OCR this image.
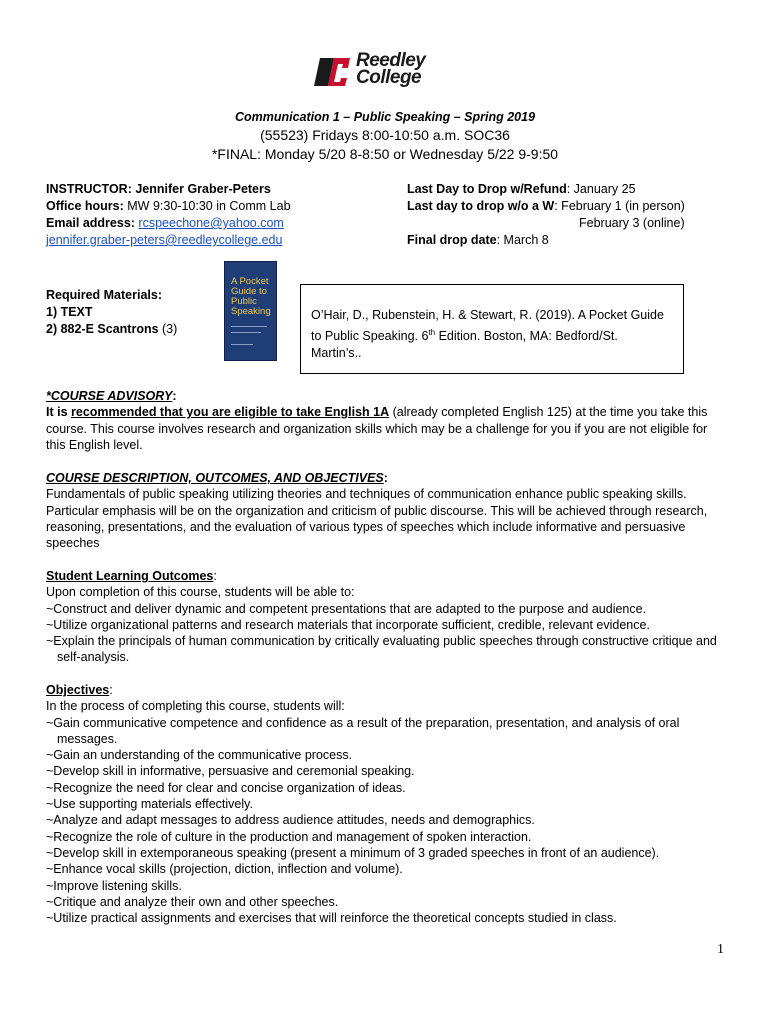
Reedley
College
Communication 1 – Public Speaking – Spring 2019
(55523) Fridays 8:00-10:50 a.m. SOC36
*FINAL: Monday 5/20 8-8:50 or Wednesday 5/22 9-9:50
INSTRUCTOR: Jennifer Graber-Peters
Office hours: MW 9:30-10:30 in Comm Lab
Email address: rcspeechone@yahoo.com
jennifer.graber-peters@reedleycollege.edu
Last Day to Drop w/Refund: January 25
Last day to drop w/o a W: February 1 (in person)
February 3 (online)
Final drop date: March 8
Required Materials:
1) TEXT
2) 882-E Scantrons (3)
A Pocket Guide to Public Speaking	O’Hair, D., Rubenstein, H. & Stewart, R. (2019). A Pocket Guide to Public Speaking. 6th Edition. Boston, MA: Bedford/St. Martin’s..

*COURSE ADVISORY:

It is recommended that you are eligible to take English 1A (already completed English 125) at the time you take this course. This course involves research and organization skills which may be a challenge for you if you are not eligible for this English level.

COURSE DESCRIPTION, OUTCOMES, AND OBJECTIVES:

Fundamentals of public speaking utilizing theories and techniques of communication enhance public speaking skills. Particular emphasis will be on the organization and criticism of public discourse. This will be achieved through research, reasoning, presentations, and the evaluation of various types of speeches which include informative and persuasive speeches

Student Learning Outcomes:

Upon completion of this course, students will be able to:

~Construct and deliver dynamic and competent presentations that are adapted to the purpose and audience.

~Utilize organizational patterns and research materials that incorporate sufficient, credible, relevant evidence.

~Explain the principals of human communication by critically evaluating public speeches through constructive critique and self-analysis.

Objectives:

In the process of completing this course, students will:

~Gain communicative competence and confidence as a result of the preparation, presentation, and analysis of oral messages.

~Gain an understanding of the communicative process.

~Develop skill in informative, persuasive and ceremonial speaking.

~Recognize the need for clear and concise organization of ideas.

~Use supporting materials effectively.

~Analyze and adapt messages to address audience attitudes, needs and demographics.

~Recognize the role of culture in the production and management of spoken interaction.

~Develop skill in extemporaneous speaking (present a minimum of 3 graded speeches in front of an audience).

~Enhance vocal skills (projection, diction, inflection and volume).

~Improve listening skills.

~Critique and analyze their own and other speeches.

~Utilize practical assignments and exercises that will reinforce the theoretical concepts studied in class.

1
